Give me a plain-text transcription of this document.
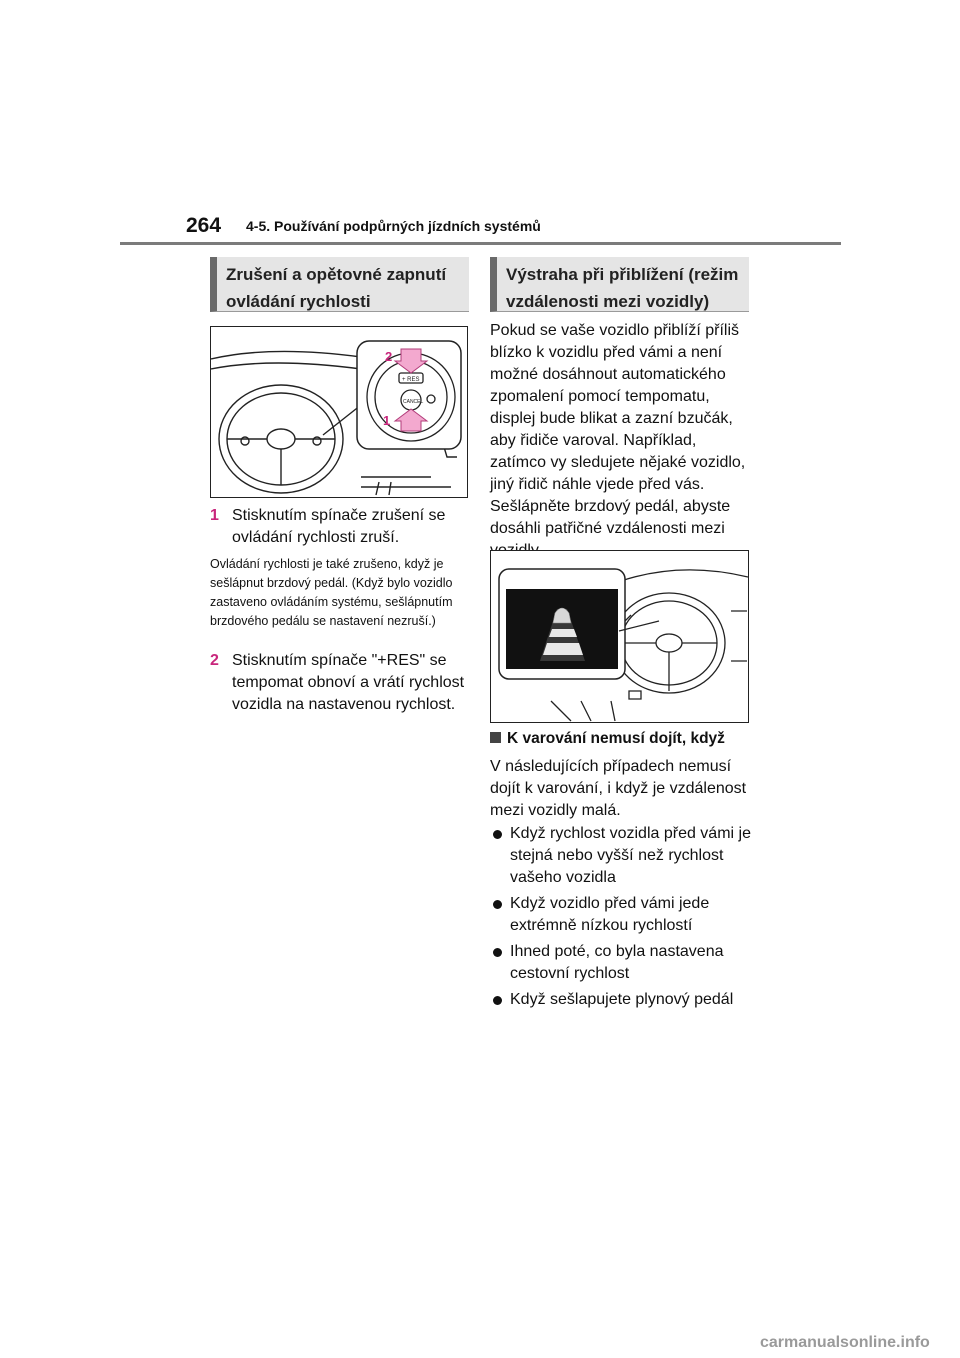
264 4-5. Používání podpůrných jízdních systémů
Zrušení a opětovné zapnutí ovládání rychlosti
2
1
+ RES
CANCEL
1 Stisknutím spínače zrušení se ovládání rychlosti zruší.
Ovládání rychlosti je také zrušeno, když je sešlápnut brzdový pedál. (Když bylo vozidlo zastaveno ovládáním systému, sešlápnutím brzdového pedálu se nastavení nezruší.)
2 Stisknutím spínače "+RES" se tempomat obnoví a vrátí rychlost vozidla na nastavenou rychlost.
Výstraha při přiblížení (režim vzdálenosti mezi vozidly)
Pokud se vaše vozidlo přiblíží příliš blízko k vozidlu před vámi a není možné dosáhnout automatického zpomalení pomocí tempomatu, displej bude blikat a zazní bzučák, aby řidiče varoval. Například, zatímco vy sledujete nějaké vozidlo, jiný řidič náhle vjede před vás. Sešlápněte brzdový pedál, abyste dosáhli patřičné vzdálenosti mezi
K varování nemusí dojít, když
V následujících případech nemusí dojít k varování, i když je vzdálenost mezi vozidly malá.
Když rychlost vozidla před vámi je stejná nebo vyšší než rychlost vašeho vozidla
Když vozidlo před vámi jede extrémně nízkou rychlostí
Ihned poté, co byla nastavena cestovní rychlost
Když sešlapujete plynový pedál
carmanualsonline.info
